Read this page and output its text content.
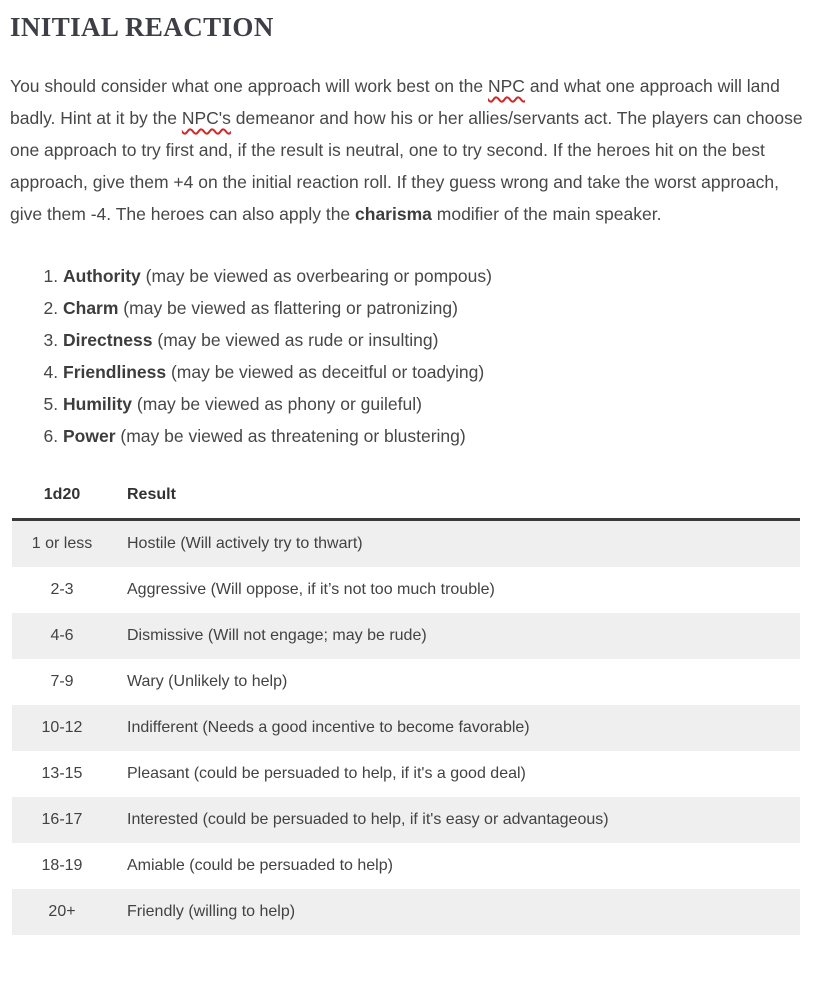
INITIAL REACTION

You should consider what one approach will work best on the NPC and what one approach will land badly. Hint at it by the NPC's demeanor and how his or her allies/servants act. The players can choose one approach to try first and, if the result is neutral, one to try second. If the heroes hit on the best approach, give them +4 on the initial reaction roll. If they guess wrong and take the worst approach, give them -4. The heroes can also apply the charisma modifier of the main speaker.

1. Authority (may be viewed as overbearing or pompous)
2. Charm (may be viewed as flattering or patronizing)
3. Directness (may be viewed as rude or insulting)
4. Friendliness (may be viewed as deceitful or toadying)
5. Humility (may be viewed as phony or guileful)
6. Power (may be viewed as threatening or blustering)
1d20	Result
1 or less	Hostile (Will actively try to thwart)
2-3	Aggressive (Will oppose, if it’s not too much trouble)
4-6	Dismissive (Will not engage; may be rude)
7-9	Wary (Unlikely to help)
10-12	Indifferent (Needs a good incentive to become favorable)
13-15	Pleasant (could be persuaded to help, if it's a good deal)
16-17	Interested (could be persuaded to help, if it's easy or advantageous)
18-19	Amiable (could be persuaded to help)
20+	Friendly (willing to help)
